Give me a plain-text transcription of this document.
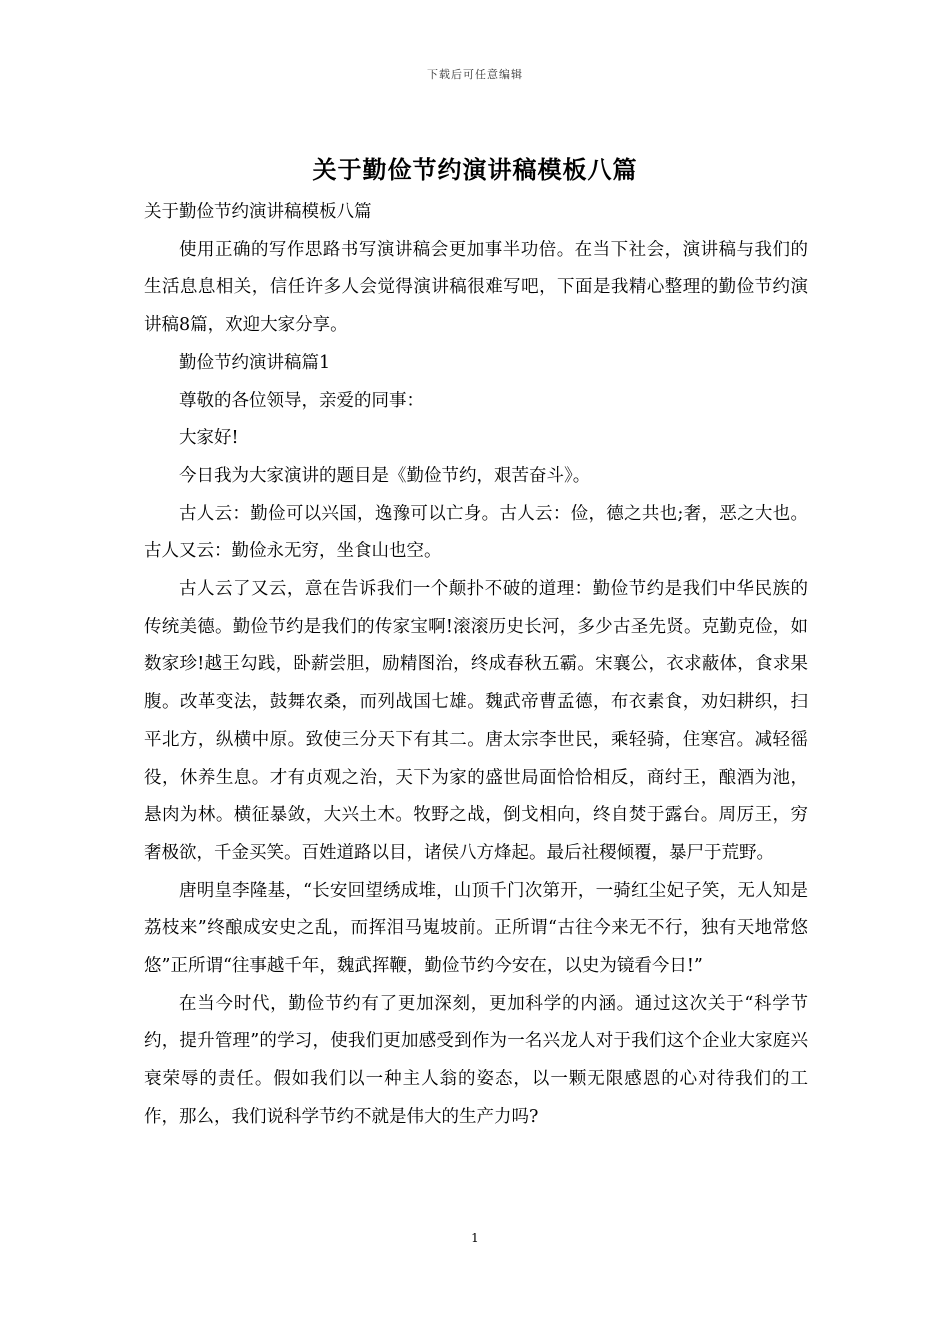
下载后可任意编辑
关于勤俭节约演讲稿模板八篇

关于勤俭节约演讲稿模板八篇

使用正确的写作思路书写演讲稿会更加事半功倍。在当下社会，演讲稿与我们的生活息息相关，信任许多人会觉得演讲稿很难写吧，下面是我精心整理的勤俭节约演讲稿8篇，欢迎大家分享。

勤俭节约演讲稿篇1

尊敬的各位领导，亲爱的同事：

大家好!

今日我为大家演讲的题目是《勤俭节约，艰苦奋斗》。

古人云：勤俭可以兴国，逸豫可以亡身。古人云：俭，德之共也;奢，恶之大也。古人又云：勤俭永无穷，坐食山也空。

古人云了又云，意在告诉我们一个颠扑不破的道理：勤俭节约是我们中华民族的传统美德。勤俭节约是我们的传家宝啊!滚滚历史长河，多少古圣先贤。克勤克俭，如数家珍!越王勾践，卧薪尝胆，励精图治，终成春秋五霸。宋襄公，衣求蔽体，食求果腹。改革变法，鼓舞农桑，而列战国七雄。魏武帝曹孟德，布衣素食，劝妇耕织，扫平北方，纵横中原。致使三分天下有其二。唐太宗李世民，乘轻骑，住寒宫。减轻徭役，休养生息。才有贞观之治，天下为家的盛世局面恰恰相反，商纣王，酿酒为池，悬肉为林。横征暴敛，大兴土木。牧野之战，倒戈相向，终自焚于露台。周厉王，穷奢极欲，千金买笑。百姓道路以目，诸侯八方烽起。最后社稷倾覆，暴尸于荒野。

唐明皇李隆基，“长安回望绣成堆，山顶千门次第开，一骑红尘妃子笑，无人知是荔枝来”终酿成安史之乱，而挥泪马嵬坡前。正所谓“古往今来无不行，独有天地常悠悠”正所谓“往事越千年，魏武挥鞭，勤俭节约今安在，以史为镜看今日!”

在当今时代，勤俭节约有了更加深刻，更加科学的内涵。通过这次关于“科学节约，提升管理”的学习，使我们更加感受到作为一名兴龙人对于我们这个企业大家庭兴衰荣辱的责任。假如我们以一种主人翁的姿态，以一颗无限感恩的心对待我们的工作，那么，我们说科学节约不就是伟大的生产力吗?

1
